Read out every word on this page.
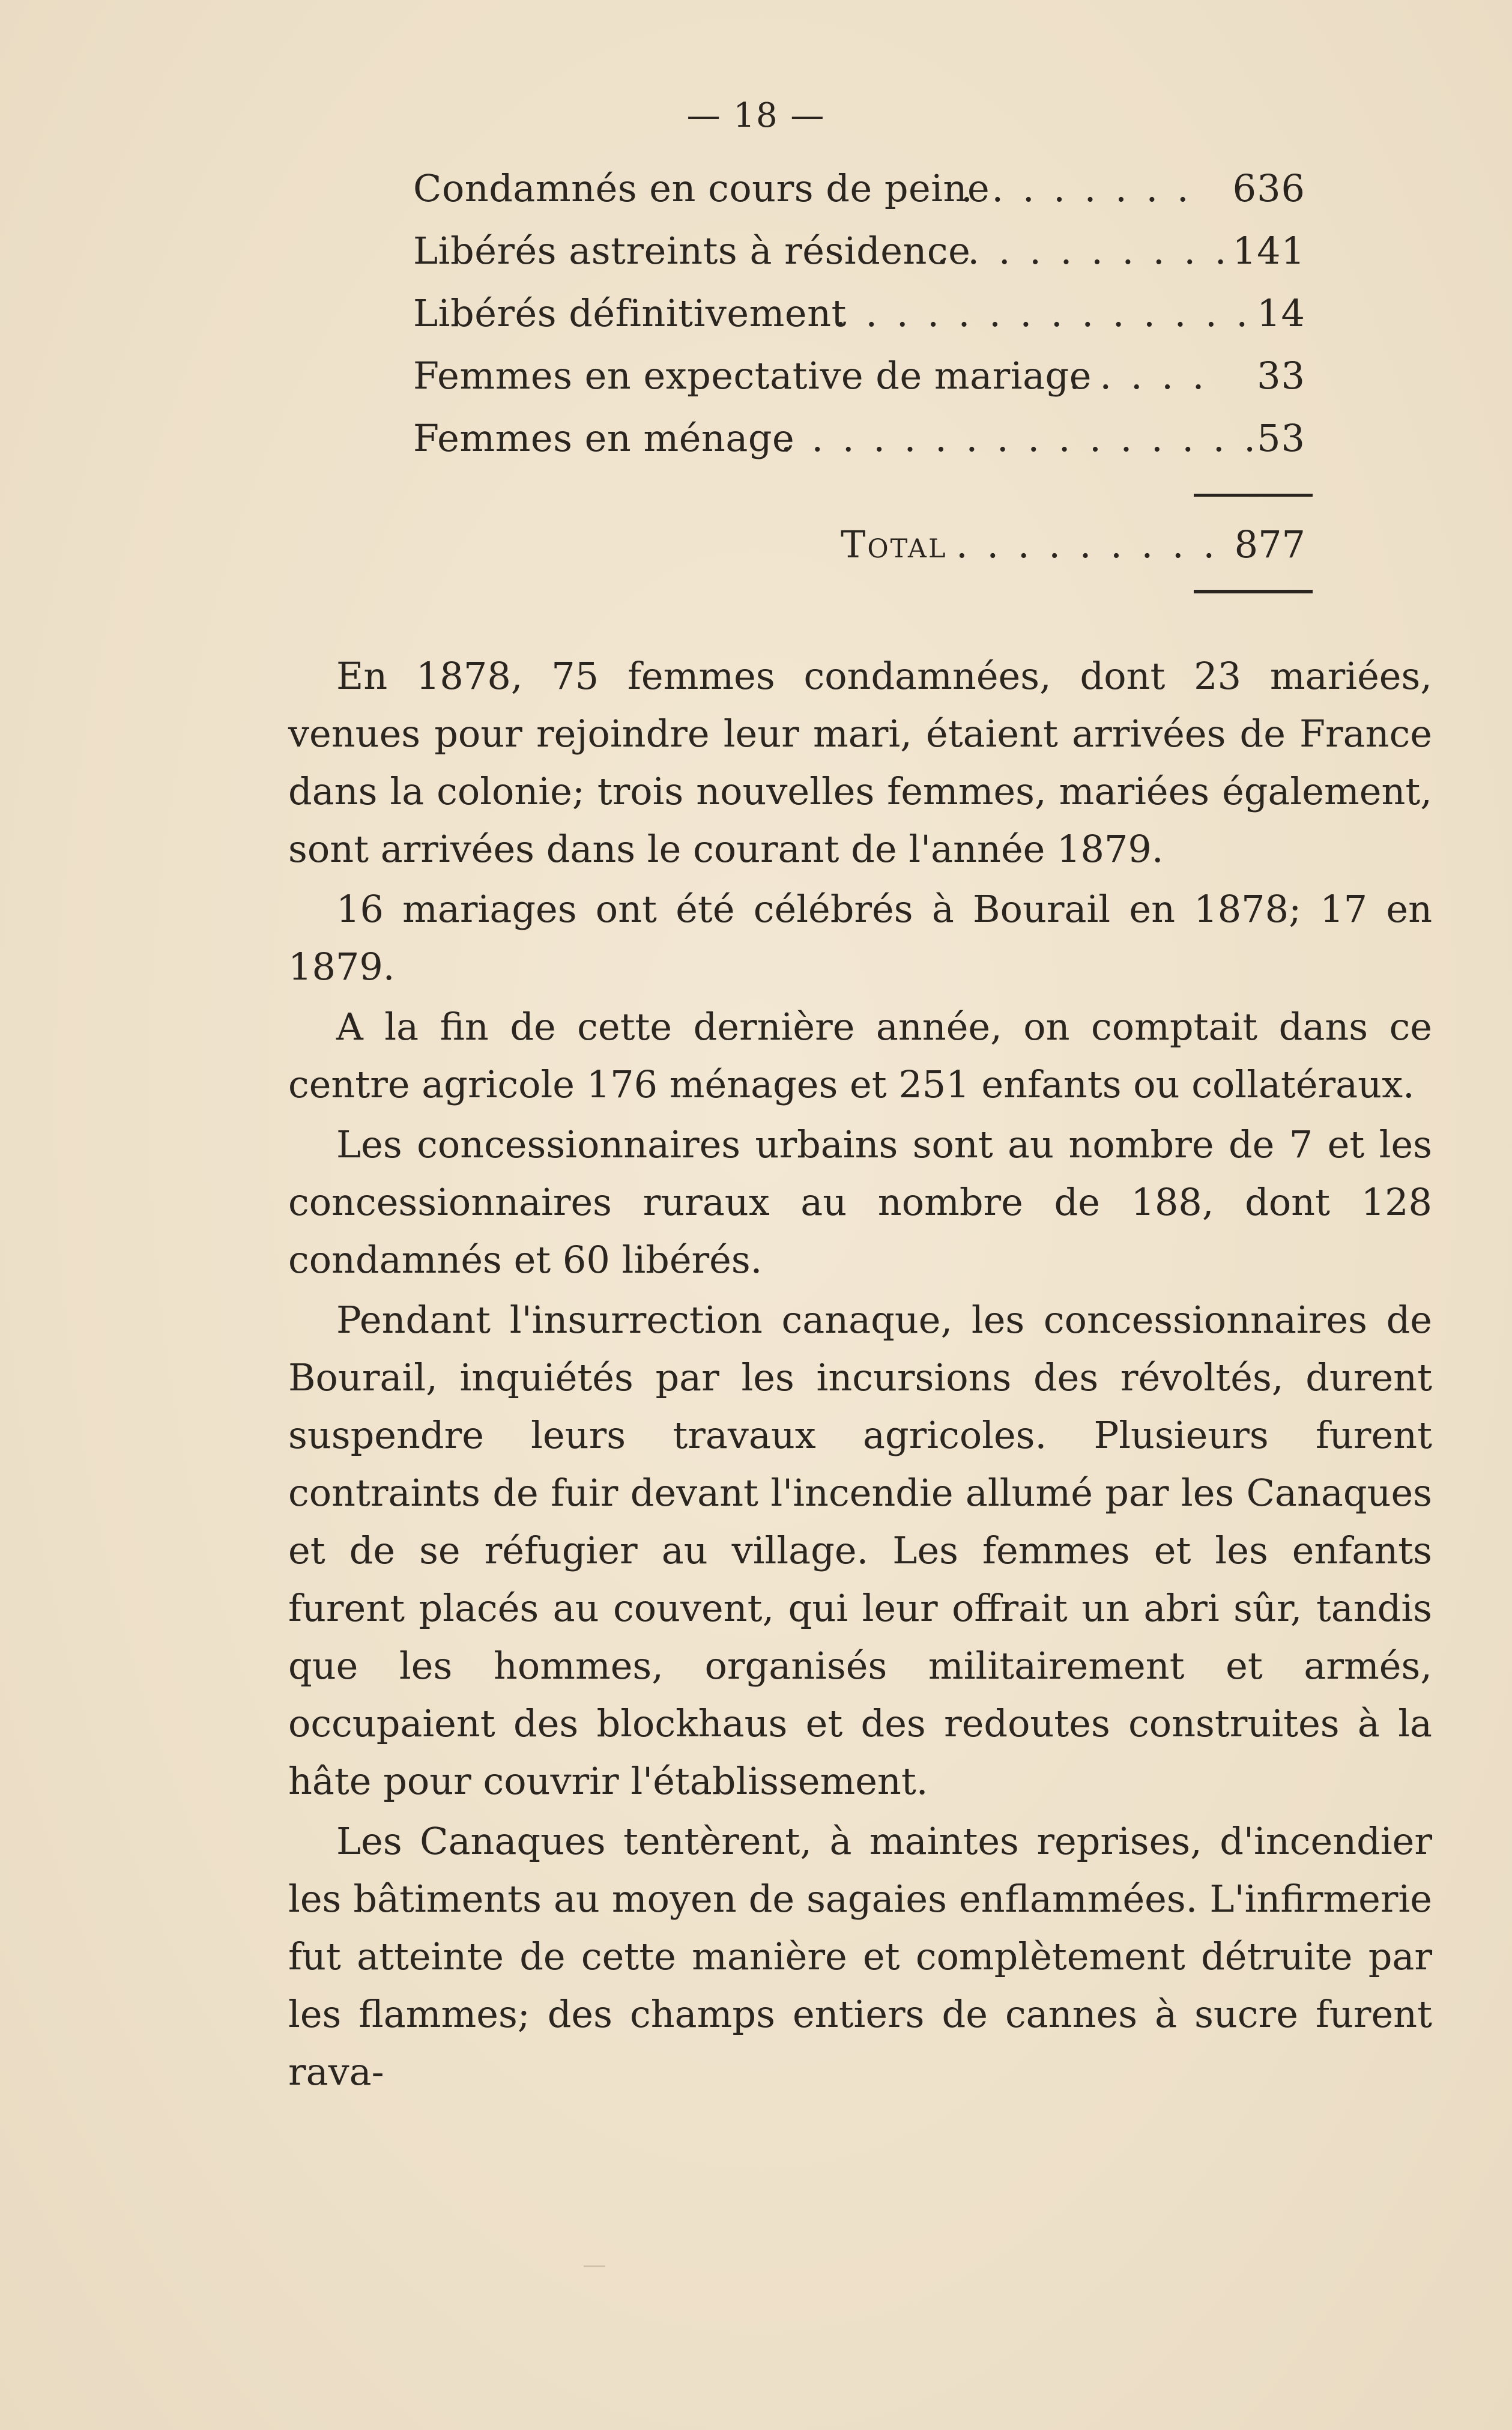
— 18 —
Condamnés en cours de peine
. . . . . . . .	636
Libérés astreints à résidence
. . . . . . . . . . 141
Libérés définitivement
. . . . . . . . . . . . . . 14
Femmes en expectative de mariage
. . . . .	33
Femmes en ménage
. . . . . . . . . . . . . . . .
53
Total . . . . . . . . . 877

En 1878, 75 femmes condamnées, dont 23 mariées, venues pour rejoindre leur mari, étaient arrivées de France dans la colonie; trois nouvelles femmes, mariées également, sont arrivées dans le courant de l'année 1879.

16 mariages ont été célébrés à Bourail en 1878; 17 en 1879.

A la fin de cette dernière année, on comptait dans ce centre agricole 176 ménages et 251 enfants ou collatéraux.

Les concessionnaires urbains sont au nombre de 7 et les concessionnaires ruraux au nombre de 188, dont 128 condamnés et 60 libérés.

Pendant l'insurrection canaque, les concessionnaires de Bourail, inquiétés par les incursions des révoltés, durent suspendre leurs travaux agricoles. Plusieurs furent contraints de fuir devant l'incendie allumé par les Canaques et de se réfugier au village. Les femmes et les enfants furent placés au couvent, qui leur offrait un abri sûr, tandis que les hommes, organisés militairement et armés, occupaient des blockhaus et des redoutes construites à la hâte pour couvrir l'établissement.

Les Canaques tentèrent, à maintes reprises, d'incendier les bâtiments au moyen de sagaies enflammées. L'infirmerie fut atteinte de cette manière et complètement détruite par les flammes; des champs entiers de cannes à sucre furent rava-
